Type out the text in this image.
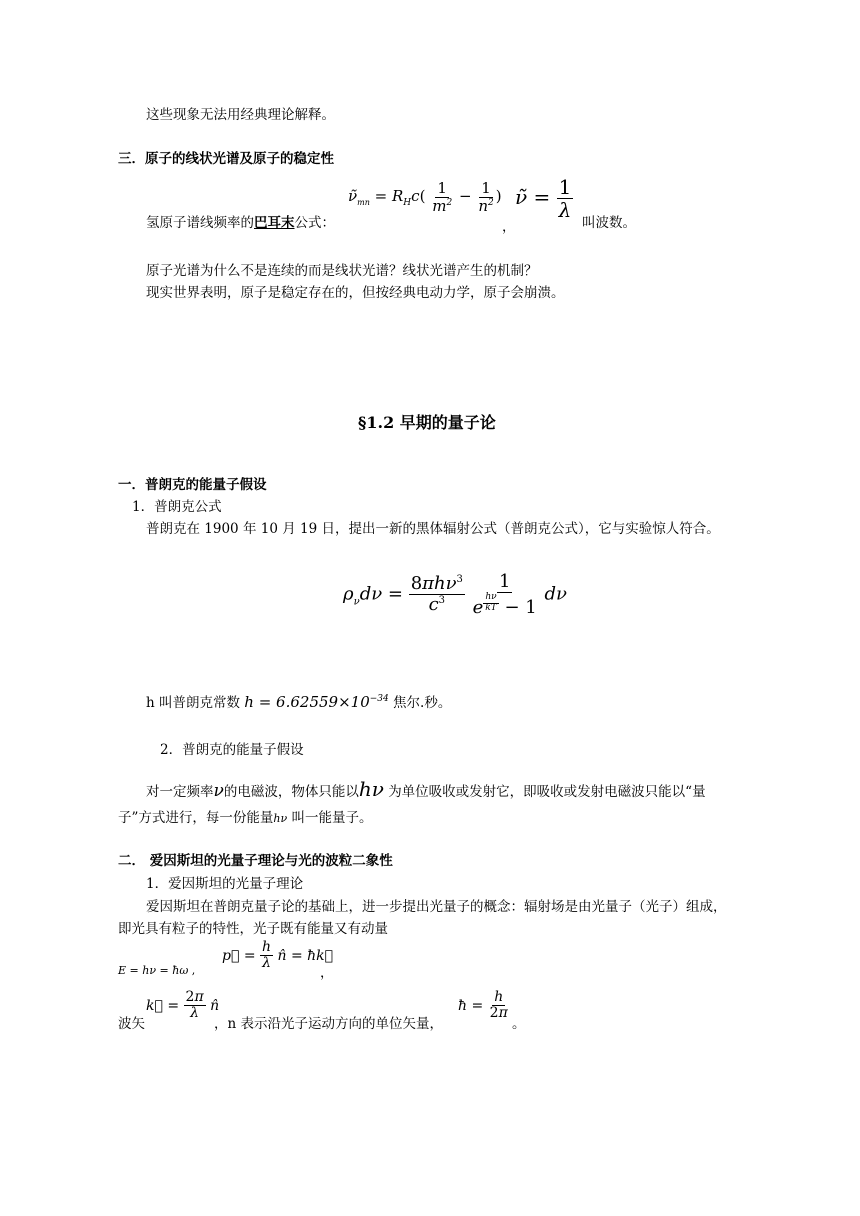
这些现象无法用经典理论解释。
三．原子的线状光谱及原子的稳定性
氢原子谱线频率的巴耳末公式：
$\nũ_{mn} = R_Hc( \frac{1}{m^2} - \frac{1}{n^2}$ )
，
ν̃ = $\frac{1}{\lambda}$
叫波数。
原子光谱为什么不是连续的而是线状光谱？线状光谱产生的机制？
现实世界表明，原子是稳定存在的，但按经典电动力学，原子会崩溃。
§1.2 早期的量子论
一．普朗克的能量子假设
1．普朗克公式
普朗克在 1900 年 10 月 19 日，提出一新的黑体辐射公式（普朗克公式），它与实验惊人符合。
$\rho_\nu d\nu = \frac{8\pi h\nu^3}{c^3}$
1
e $^{\frac{h\nu}{kT}}$ − 1 dν
h 叫普朗克常数 $h = 6.62559\times 10^{-34}$ 焦尔.秒。
2．普朗克的能量子假设
对一定频率ν的电磁波，物体只能以hν 为单位吸收或发射它，即吸收或发射电磁波只能以“量
子”方式进行，每一份能量hν 叫一能量子。
二． 爱因斯坦的光量子理论与光的波粒二象性
1．爱因斯坦的光量子理论
爱因斯坦在普朗克量子论的基础上，进一步提出光量子的概念：辐射场是由光量子（光子）组成，
即光具有粒子的特性，光子既有能量又有动量
E = hν = ħω ,
p⃗ = $\frac{h}{\lambda}$ n̂ = ħk⃗
，
波矢
k⃗ = $\frac{2\pi}{\lambda}$ n̂
，n 表示沿光子运动方向的单位矢量，
ħ = $\frac{h}{2\pi}$
。
